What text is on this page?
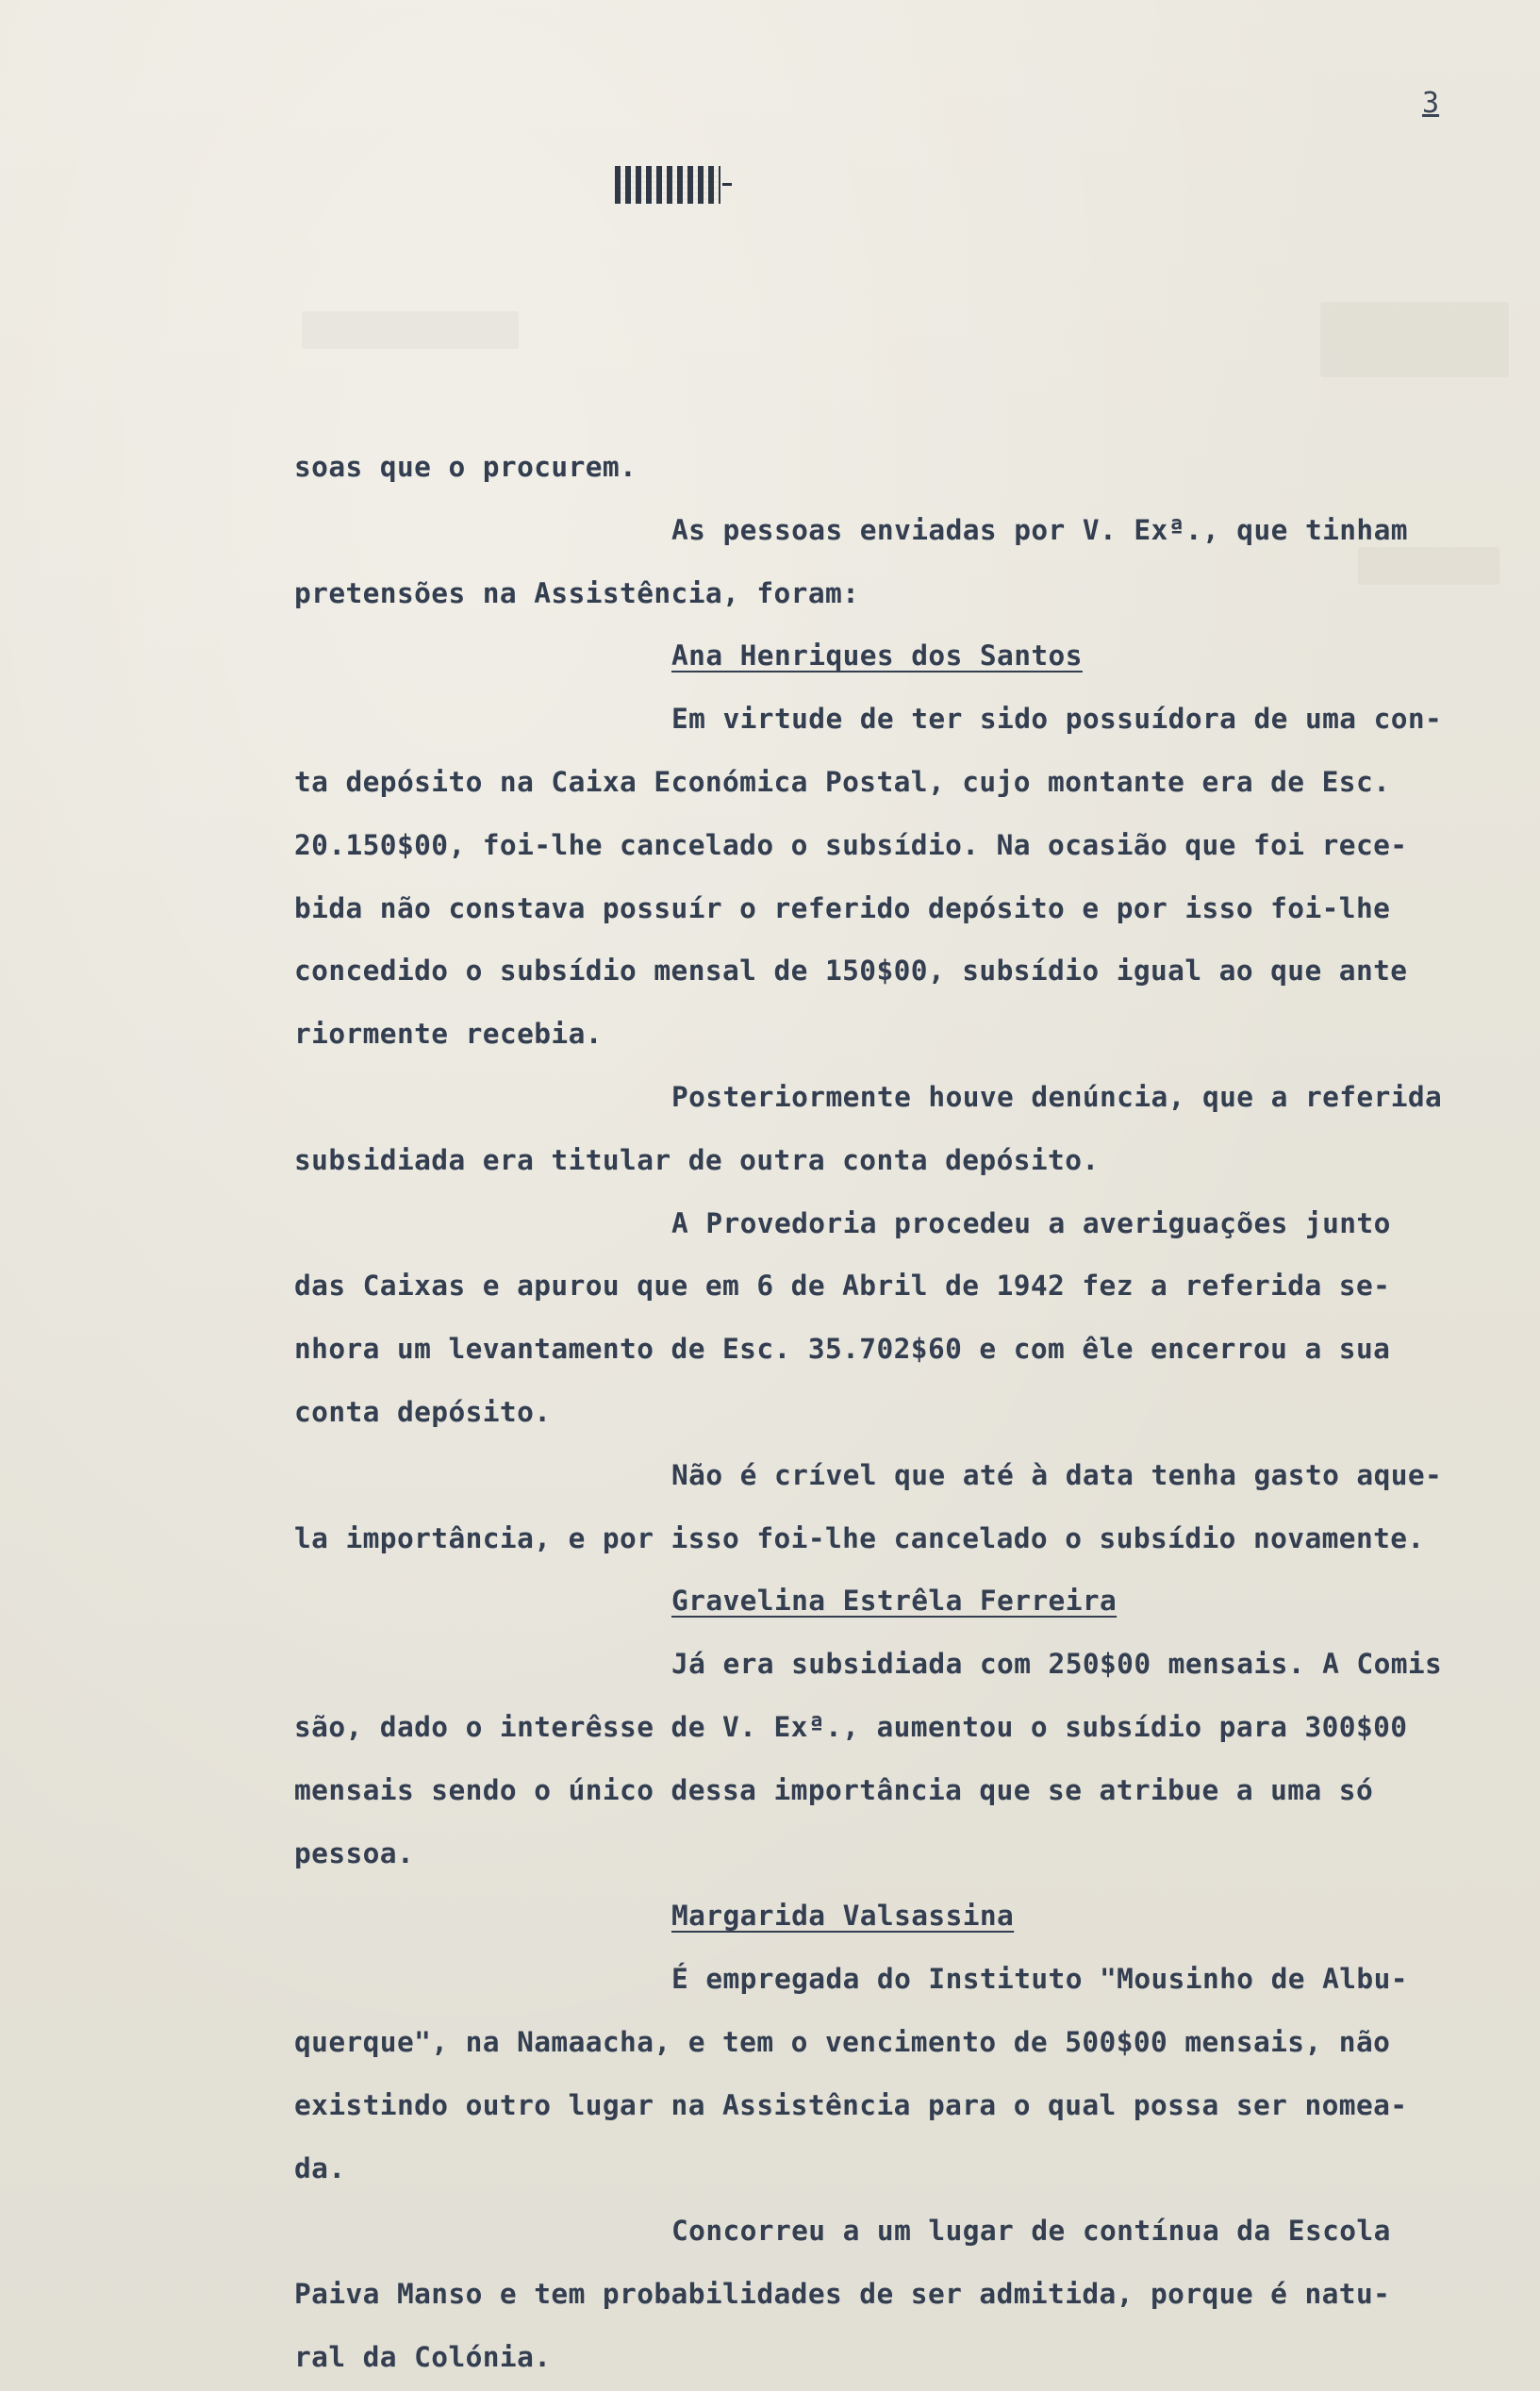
3
soas que o procurem.
As pessoas enviadas por V. Exª., que tinham
pretensões na Assistência, foram:
Ana Henriques dos Santos
Em virtude de ter sido possuídora de uma con-
ta depósito na Caixa Económica Postal, cujo montante era de Esc.
20.150$00, foi-lhe cancelado o subsídio. Na ocasião que foi rece-
bida não constava possuír o referido depósito e por isso foi-lhe
concedido o subsídio mensal de 150$00, subsídio igual ao que ante
riormente recebia.
Posteriormente houve denúncia, que a referida
subsidiada era titular de outra conta depósito.
A Provedoria procedeu a averiguações junto
das Caixas e apurou que em 6 de Abril de 1942 fez a referida se-
nhora um levantamento de Esc. 35.702$60 e com êle encerrou a sua
conta depósito.
Não é crível que até à data tenha gasto aque-
la importância, e por isso foi-lhe cancelado o subsídio novamente.
Gravelina Estrêla Ferreira
Já era subsidiada com 250$00 mensais. A Comis
são, dado o interêsse de V. Exª., aumentou o subsídio para 300$00
mensais sendo o único dessa importância que se atribue a uma só
pessoa.
Margarida Valsassina
É empregada do Instituto "Mousinho de Albu-
querque", na Namaacha, e tem o vencimento de 500$00 mensais, não
existindo outro lugar na Assistência para o qual possa ser nomea-
da.
Concorreu a um lugar de contínua da Escola
Paiva Manso e tem probabilidades de ser admitida, porque é natu-
ral da Colónia.
